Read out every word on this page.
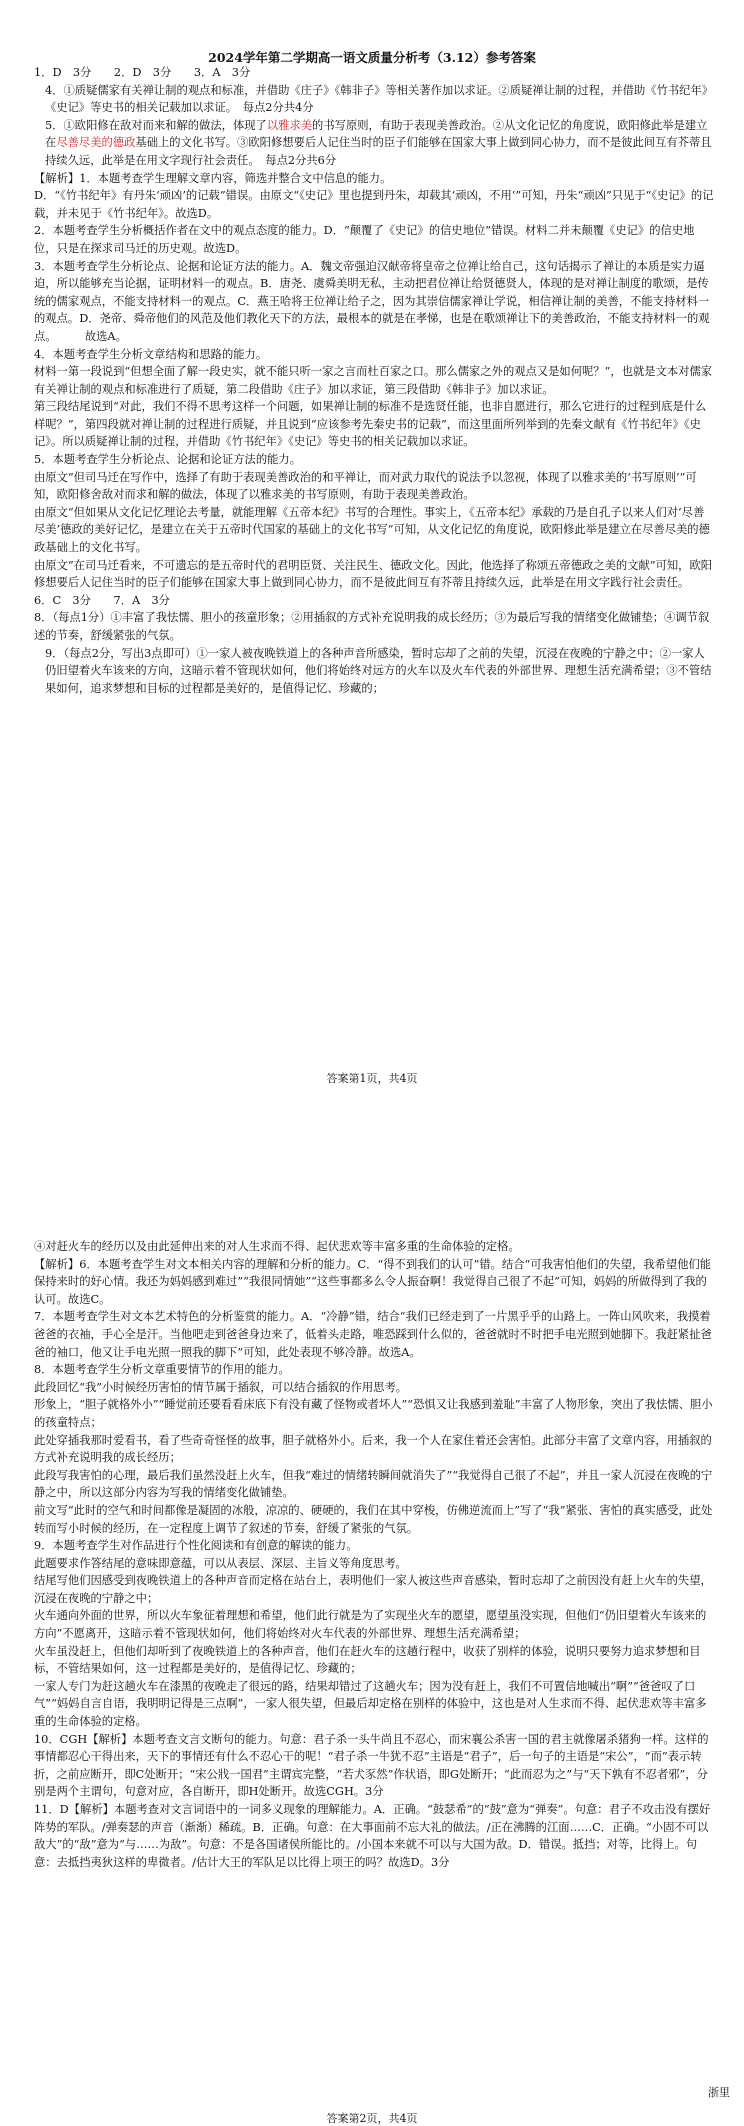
2024学年第二学期高一语文质量分析考（3.12）参考答案

1．D　3分　　2．D　3分　　3．A　3分

4．①质疑儒家有关禅让制的观点和标准，并借助《庄子》《韩非子》等相关著作加以求证。②质疑禅让制的过程，并借助《竹书纪年》《史记》等史书的相关记载加以求证。　每点2分共4分

5．①欧阳修在敌对而来和解的做法，体现了以雅求美的书写原则，有助于表现美善政治。②从文化记忆的角度说，欧阳修此举是建立在尽善尽美的德政基础上的文化书写。③欧阳修想要后人记住当时的臣子们能够在国家大事上做到同心协力，而不是彼此间互有芥蒂且持续久远，此举是在用文字现行社会责任。　每点2分共6分

【解析】1．本题考查学生理解文章内容，筛选并整合文中信息的能力。

D．“《竹书纪年》有丹朱‘顽凶’的记载”错误。由原文“《史记》里也提到丹朱，却载其‘顽凶，不用’”可知，丹朱“顽凶”只见于“《史记》的记载，并未见于《竹书纪年》。故选D。

2．本题考查学生分析概括作者在文中的观点态度的能力。D．“颠覆了《史记》的信史地位”错误。材料二并未颠覆《史记》的信史地位，只是在探求司马迁的历史观。故选D。

3．本题考查学生分析论点、论据和论证方法的能力。A．魏文帝强迫汉献帝将皇帝之位禅让给自己，这句话揭示了禅让的本质是实力逼迫，所以能够充当论据，证明材料一的观点。B．唐尧、虞舜美明无私，主动把君位禅让给贤德贤人，体现的是对禅让制度的歌颂，是传统的儒家观点，不能支持材料一的观点。C．燕王哈将王位禅让给子之，因为其崇信儒家禅让学说，相信禅让制的美善，不能支持材料一的观点。D．尧帝、舜帝他们的风范及他们教化天下的方法，最根本的就是在孝悌，也是在歌颂禅让下的美善政治，不能支持材料一的观点。　　　故选A。

4．本题考查学生分析文章结构和思路的能力。

材料一第一段说到“但想全面了解一段史实，就不能只听一家之言而杜百家之口。那么儒家之外的观点又是如何呢？”，也就是文本对儒家有关禅让制的观点和标准进行了质疑，第二段借助《庄子》加以求证，第三段借助《韩非子》加以求证。

第三段结尾说到“对此，我们不得不思考这样一个问题，如果禅让制的标准不是选贤任能，也非自愿进行，那么它进行的过程到底是什么样呢？”，第四段就对禅让制的过程进行质疑，并且说到“应该参考先秦史书的记载”，而这里面所列举到的先秦文献有《竹书纪年》《史记》。所以质疑禅让制的过程，并借助《竹书纪年》《史记》等史书的相关记载加以求证。

5．本题考查学生分析论点、论据和论证方法的能力。

由原文“但司马迁在写作中，选择了有助于表现美善政治的和平禅让，而对武力取代的说法予以忽视，体现了以雅求美的‘书写原则’”可知，欧阳修舍敌对而求和解的做法，体现了以雅求美的书写原则，有助于表现美善政治。

由原文“但如果从文化记忆理论去考量，就能理解《五帝本纪》书写的合理性。事实上，《五帝本纪》承载的乃是自孔子以来人们对‘尽善尽美’德政的美好记忆，是建立在关于五帝时代国家的基础上的文化书写”可知，从文化记忆的角度说，欧阳修此举是建立在尽善尽美的德政基础上的文化书写。

由原文“在司马迁看来，不可遗忘的是五帝时代的君明臣贤、关注民生、德政文化。因此，他选择了称颂五帝德政之美的文献”可知，欧阳修想要后人记住当时的臣子们能够在国家大事上做到同心协力，而不是彼此间互有芥蒂且持续久远，此举是在用文字践行社会责任。

6．C　3分　　7．A　3分

8．（每点1分）①丰富了我怯懦、胆小的孩童形象；②用插叙的方式补充说明我的成长经历；③为最后写我的情绪变化做铺垫；④调节叙述的节奏，舒缓紧张的气氛。

9．（每点2分，写出3点即可）①一家人被夜晚铁道上的各种声音所感染，暂时忘却了之前的失望，沉浸在夜晚的宁静之中；②一家人仍旧望着火车该来的方向，这暗示着不管现状如何，他们将始终对远方的火车以及火车代表的外部世界、理想生活充满希望；③不管结果如何，追求梦想和目标的过程都是美好的，是值得记忆、珍藏的；

答案第1页，共4页

④对赶火车的经历以及由此延伸出来的对人生求而不得、起伏悲欢等丰富多重的生命体验的定格。

【解析】6．本题考查学生对文本相关内容的理解和分析的能力。C．“得不到我们的认可”错。结合“可我害怕他们的失望，我希望他们能保持来时的好心情。我还为妈妈感到难过”“我很同情她”“这些事都多么令人振奋啊！我觉得自己很了不起”可知，妈妈的所做得到了我的认可。故选C。

7．本题考查学生对文本艺术特色的分析鉴赏的能力。A．“冷静”错，结合“我们已经走到了一片黑乎乎的山路上。一阵山风吹来，我摸着爸爸的衣袖，手心全是汗。当他吧走到爸爸身边来了，低着头走路，唯恐踩到什么似的，爸爸就时不时把手电光照到她脚下。我赶紧扯爸爸的袖口，他又让手电光照一照我的脚下”可知，此处表现不够冷静。故选A。

8．本题考查学生分析文章重要情节的作用的能力。

此段回忆“我”小时候经历害怕的情节属于插叙，可以结合插叙的作用思考。

形象上，“胆子就格外小”“睡觉前还要看看床底下有没有藏了怪物或者坏人”“恐惧又让我感到羞耻”丰富了人物形象，突出了我怯懦、胆小的孩童特点；

此处穿插我那时爱看书，看了些奇奇怪怪的故事，胆子就格外小。后来，我一个人在家住着还会害怕。此部分丰富了文章内容，用插叙的方式补充说明我的成长经历；

此段写我害怕的心理，最后我们虽然没赶上火车，但我“难过的情绪转瞬间就消失了”“我觉得自己很了不起”，并且一家人沉浸在夜晚的宁静之中，所以这部分内容为写我的情绪变化做铺垫。

前文写“此时的空气和时间都像是凝固的冰般，凉凉的、硬硬的，我们在其中穿梭，仿佛逆流而上”写了“我”紧张、害怕的真实感受，此处转而写小时候的经历，在一定程度上调节了叙述的节奏，舒缓了紧张的气氛。

9．本题考查学生对作品进行个性化阅读和有创意的解读的能力。

此题要求作答结尾的意味即意蕴，可以从表层、深层、主旨义等角度思考。

结尾写他们因感受到夜晚铁道上的各种声音而定格在站台上，表明他们一家人被这些声音感染，暂时忘却了之前因没有赶上火车的失望，沉浸在夜晚的宁静之中；

火车通向外面的世界，所以火车象征着理想和希望，他们此行就是为了实现坐火车的愿望，愿望虽没实现，但他们“仍旧望着火车该来的方向”不愿离开，这暗示着不管现状如何，他们将始终对火车代表的外部世界、理想生活充满希望；

火车虽没赶上，但他们却听到了夜晚铁道上的各种声音，他们在赶火车的这趟行程中，收获了别样的体验，说明只要努力追求梦想和目标，不管结果如何，这一过程都是美好的，是值得记忆、珍藏的；

一家人专门为赶这趟火车在漆黑的夜晚走了很远的路，结果却错过了这趟火车；因为没有赶上，我们不可置信地喊出“啊”“爸爸叹了口气”“妈妈自言自语，我明明记得是三点啊”，一家人很失望，但最后却定格在别样的体验中，这也是对人生求而不得、起伏悲欢等丰富多重的生命体验的定格。

10．CGH【解析】本题考查文言文断句的能力。句意：君子杀一头牛尚且不忍心，而宋襄公杀害一国的君主就像屠杀猪狗一样。这样的事情都忍心干得出来，天下的事情还有什么不忍心干的呢！“君子杀一牛犹不忍”主语是“君子”，后一句子的主语是“宋公”，“而”表示转折，之前应断开，即C处断开；“宋公戕一国君”主谓宾完整，“若犬豕然”作状语，即G处断开；“此而忍为之”与“天下孰有不忍者邪”，分别是两个主谓句，句意对应，各自断开，即H处断开。故选CGH。3分

11．D【解析】本题考查对文言词语中的一词多义现象的理解能力。A．正确。“鼓瑟希”的“鼓”意为“弹奏”。句意：君子不攻击没有摆好阵势的军队。/弹奏瑟的声音（渐渐）稀疏。B．正确。句意：在大事面前不忘大礼的做法。/正在沸腾的江面……C．正确。“小固不可以敌大”的“敌”意为“与……为敌”。句意：不是各国诸侯所能比的。/小国本来就不可以与大国为敌。D．错误。抵挡；对等，比得上。句意：去抵挡夷狄这样的卑微者。/估计大王的军队足以比得上项王的吗？故选D。3分

答案第2页，共4页
浙里
